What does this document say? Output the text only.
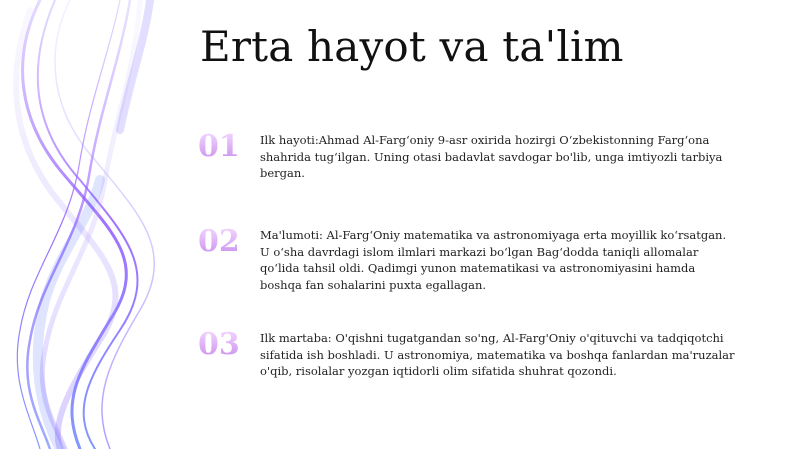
Erta hayot va ta'lim
01 Ilk hayoti:Ahmad Al-Farg‘oniy 9-asr oxirida hozirgi O‘zbekistonning Farg‘ona shahrida tug‘ilgan. Uning otasi badavlat savdogar bo'lib, unga imtiyozli tarbiya bergan.
02 Ma'lumoti: Al-Farg‘Oniy matematika va astronomiyaga erta moyillik ko‘rsatgan. U o‘sha davrdagi islom ilmlari markazi bo‘lgan Bag‘dodda taniqli allomalar qo‘lida tahsil oldi. Qadimgi yunon matematikasi va astronomiyasini hamda boshqa fan sohalarini puxta egallagan.
03 Ilk martaba: O'qishni tugatgandan so'ng, Al-Farg'Oniy o'qituvchi va tadqiqotchi sifatida ish boshladi. U astronomiya, matematika va boshqa fanlardan ma'ruzalar o'qib, risolalar yozgan iqtidorli olim sifatida shuhrat qozondi.
